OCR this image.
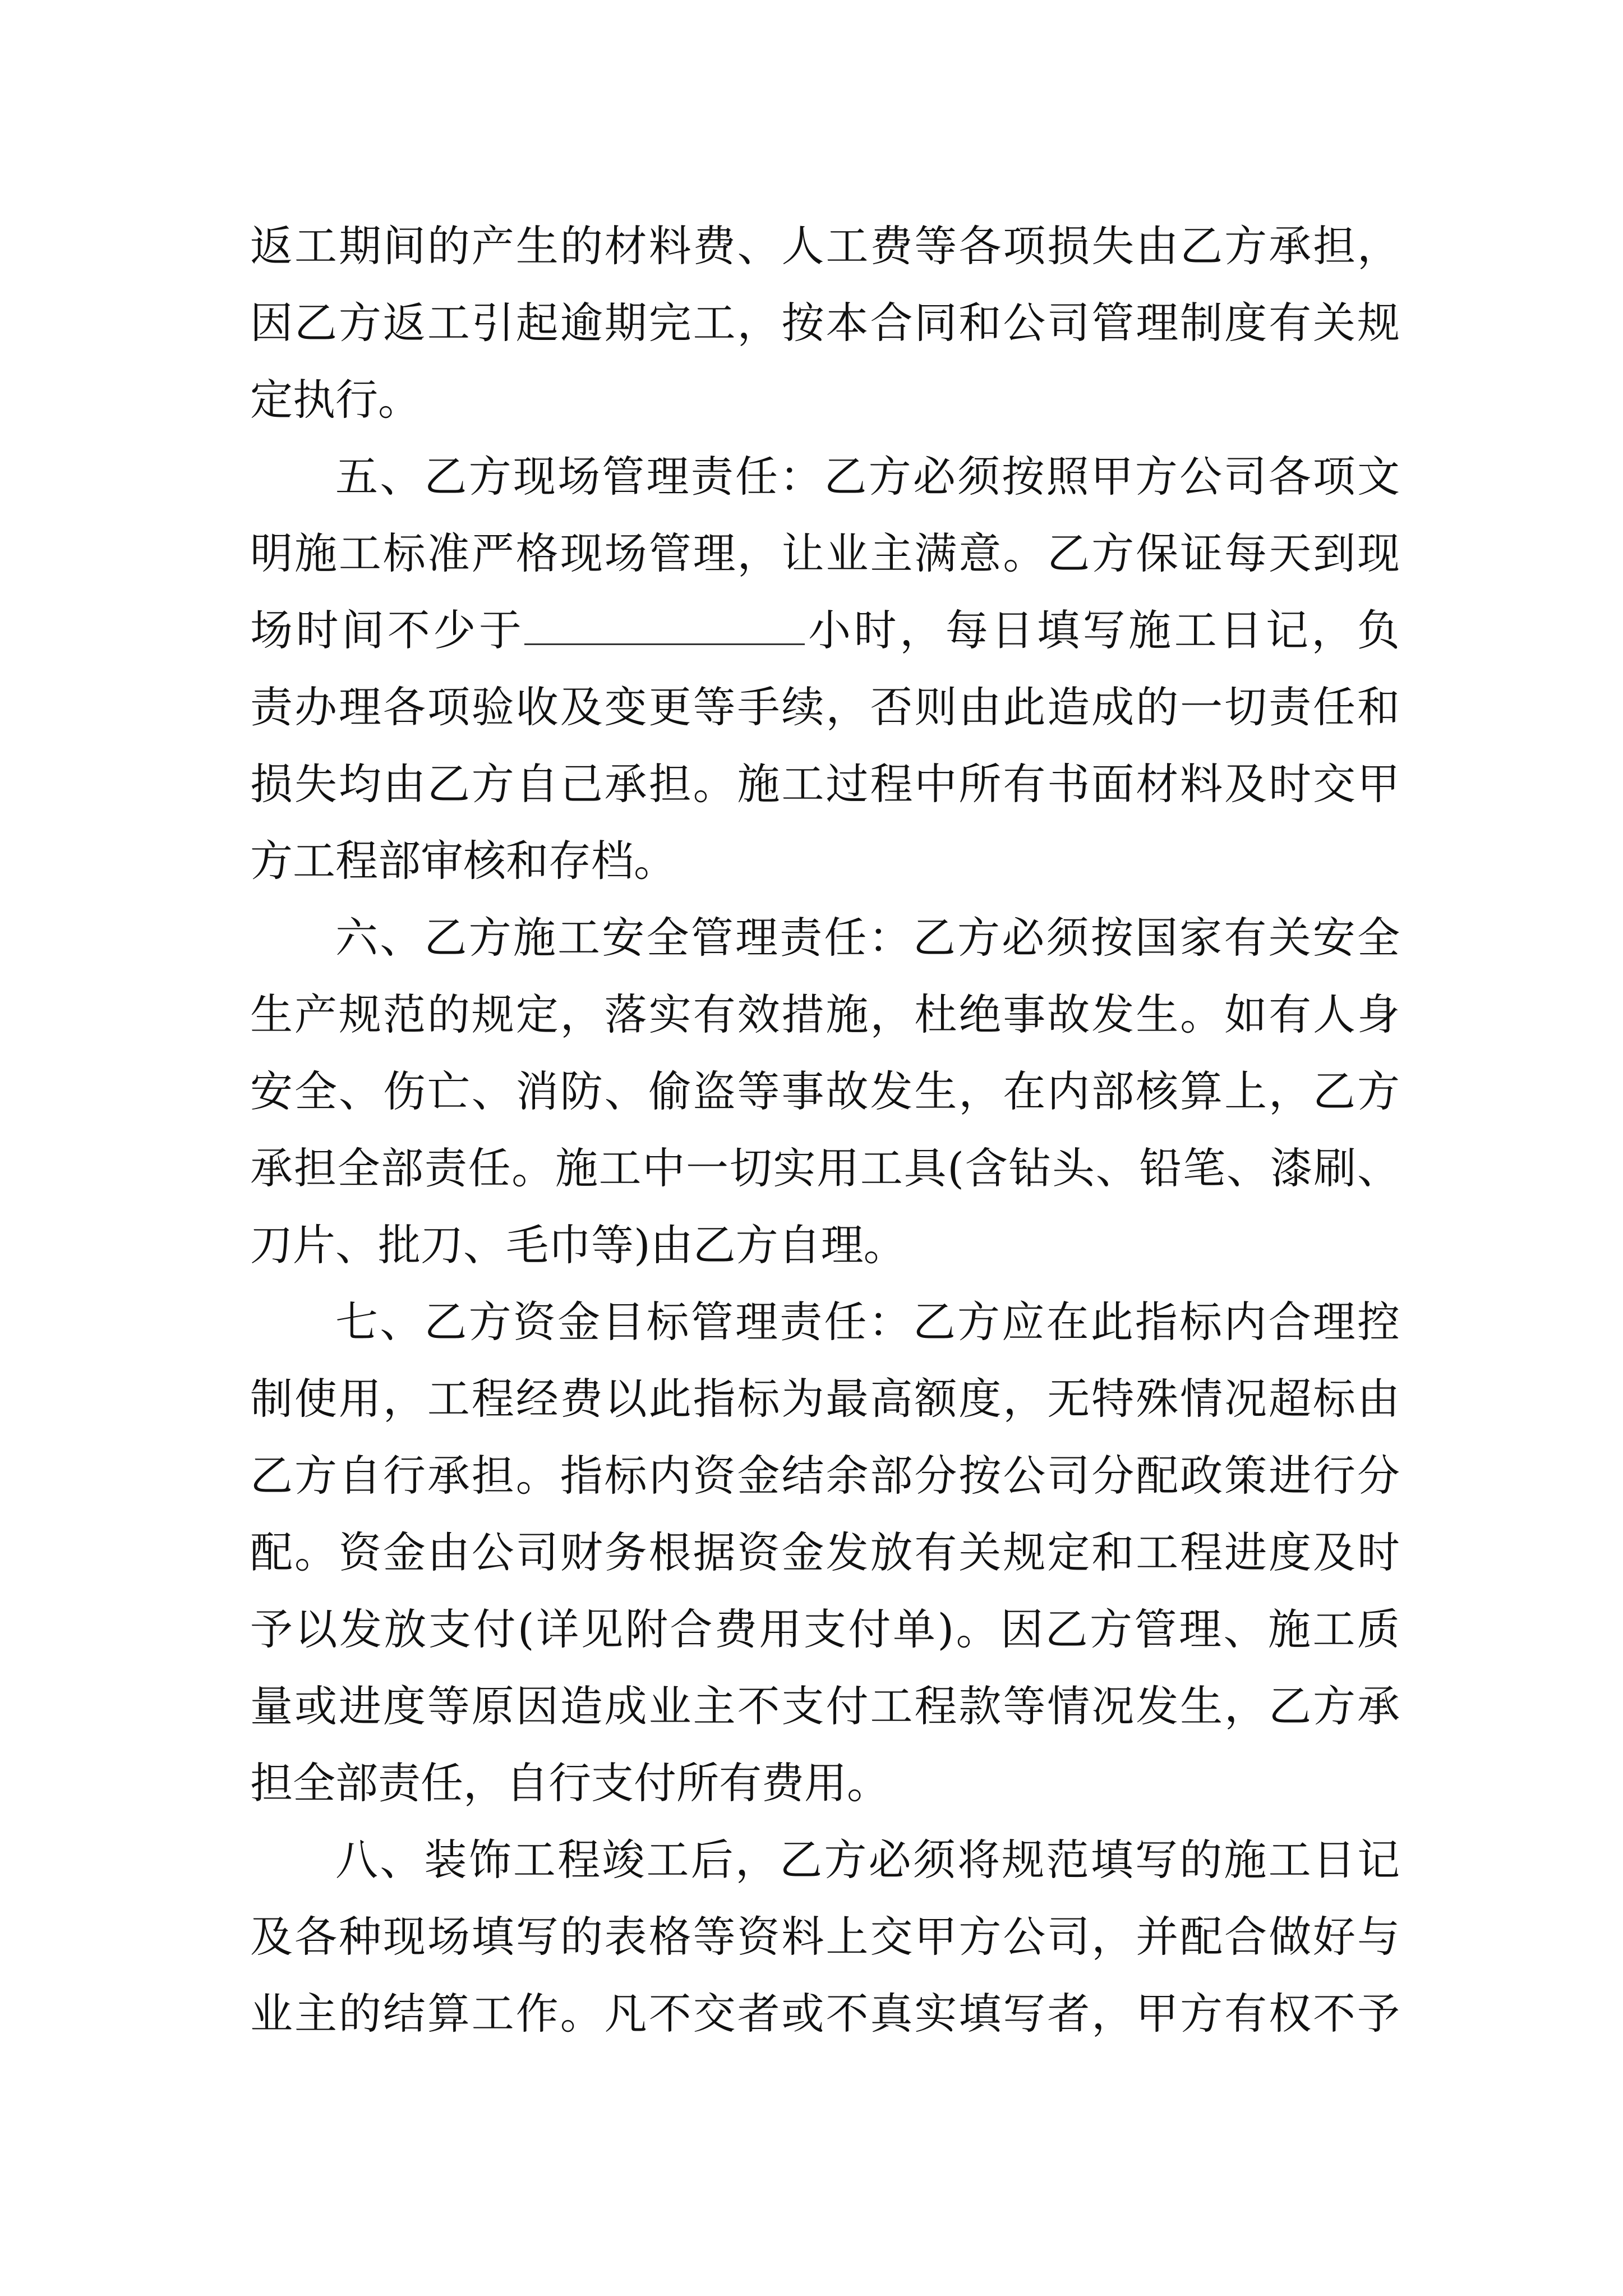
返工期间的产生的材料费、人工费等各项损失由乙方承担，
因乙方返工引起逾期完工，按本合同和公司管理制度有关规
定执行。
五、乙方现场管理责任：乙方必须按照甲方公司各项文
明施工标准严格现场管理，让业主满意。乙方保证每天到现
场时间不少于	小时，每日填写施工日记，负
责办理各项验收及变更等手续，否则由此造成的一切责任和
损失均由乙方自己承担。施工过程中所有书面材料及时交甲
方工程部审核和存档。
六、乙方施工安全管理责任：乙方必须按国家有关安全
生产规范的规定，落实有效措施，杜绝事故发生。如有人身
安全、伤亡、消防、偷盗等事故发生，在内部核算上，乙方
承担全部责任。施工中一切实用工具(含钻头、铅笔、漆刷、
刀片、批刀、毛巾等)由乙方自理。
七、乙方资金目标管理责任：乙方应在此指标内合理控
制使用，工程经费以此指标为最高额度，无特殊情况超标由
乙方自行承担。指标内资金结余部分按公司分配政策进行分
配。资金由公司财务根据资金发放有关规定和工程进度及时
予以发放支付(详见附合费用支付单)。因乙方管理、施工质
量或进度等原因造成业主不支付工程款等情况发生，乙方承
担全部责任，自行支付所有费用。
八、装饰工程竣工后，乙方必须将规范填写的施工日记
及各种现场填写的表格等资料上交甲方公司，并配合做好与
业主的结算工作。凡不交者或不真实填写者，甲方有权不予
